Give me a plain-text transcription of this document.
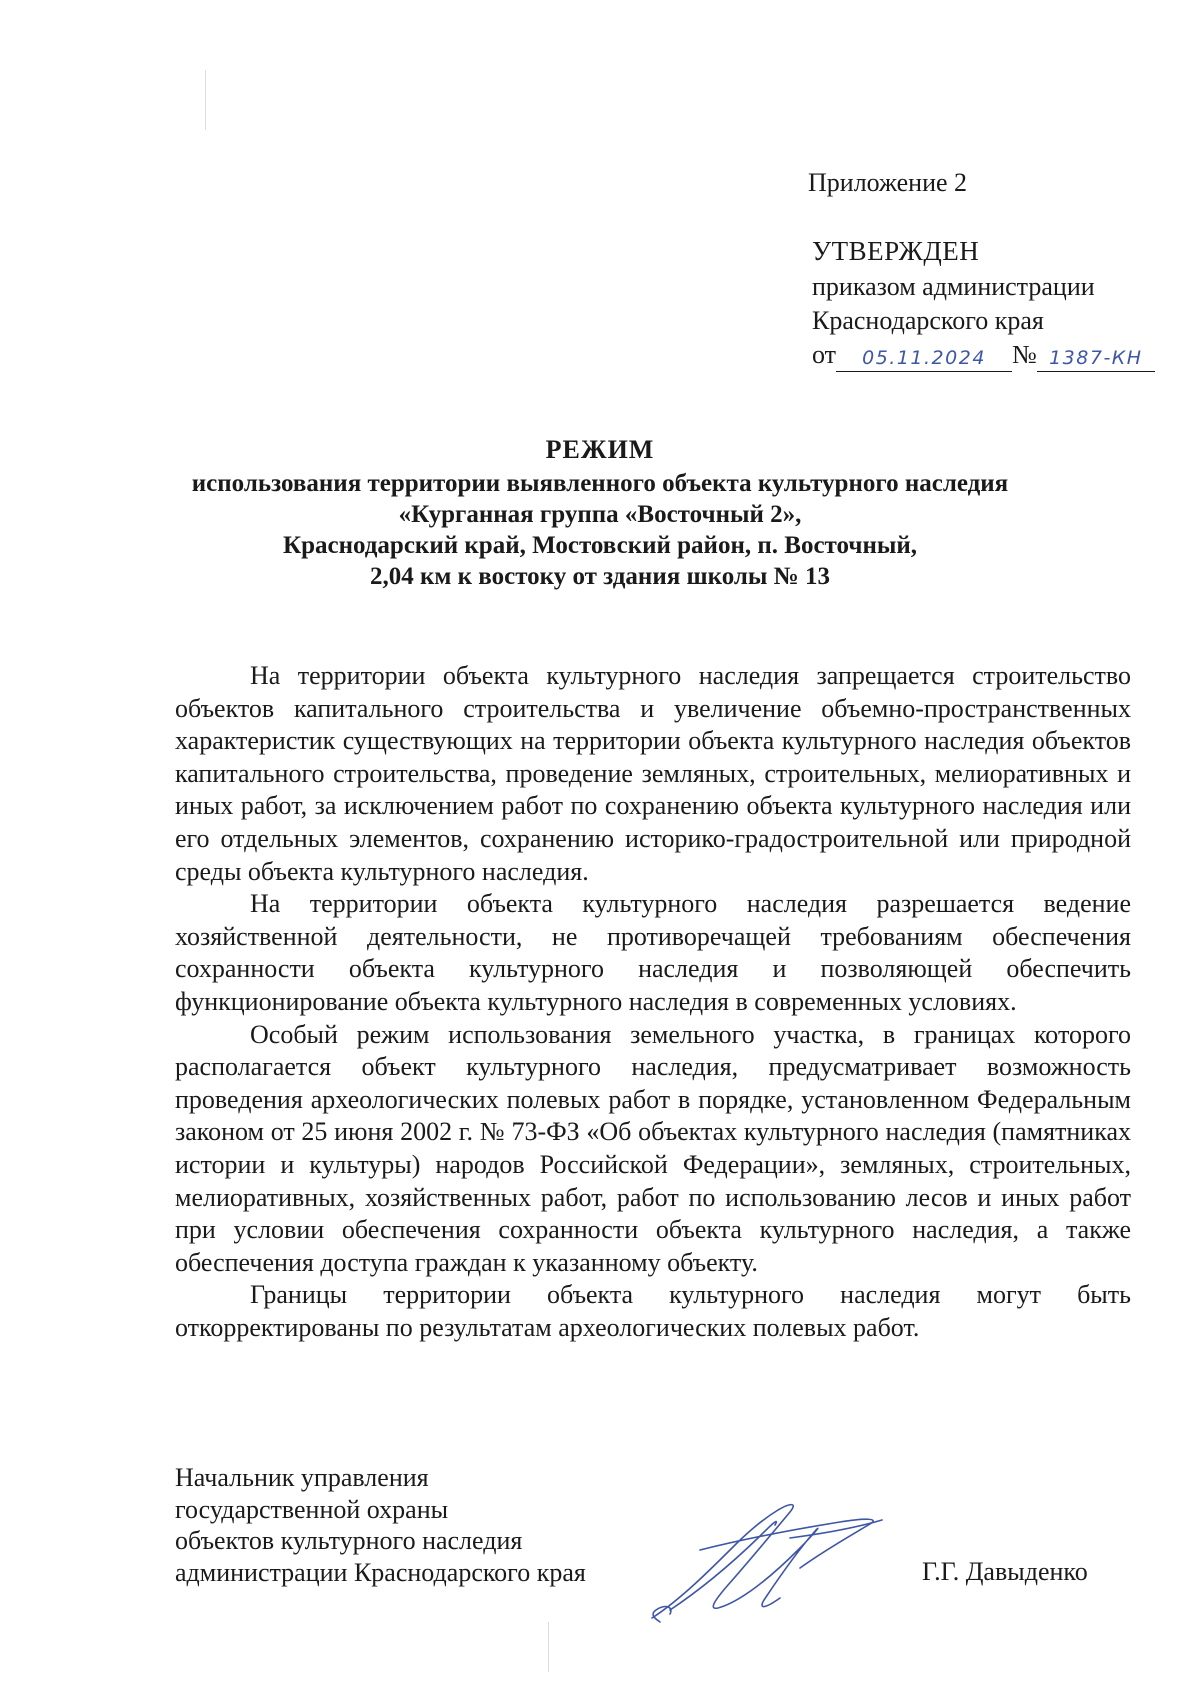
Приложение 2
УТВЕРЖДЕН
приказом администрации
Краснодарского края
от	05.11.2024	№ 1387-КН
РЕЖИМ
использования территории выявленного объекта культурного наследия
«Курганная группа «Восточный 2»,
Краснодарский край, Мостовский район, п. Восточный,
2,04 км к востоку от здания школы № 13

На территории объекта культурного наследия запрещается строительство объектов капитального строительства и увеличение объемно-пространственных характеристик существующих на территории объекта культурного наследия объектов капитального строительства, проведение земляных, строительных, мелиоративных и иных работ, за исключением работ по сохранению объекта культурного наследия или его отдельных элементов, сохранению историко-градостроительной или природной среды объекта культурного наследия.

На территории объекта культурного наследия разрешается ведение хозяйственной деятельности, не противоречащей требованиям обеспечения сохранности объекта культурного наследия и позволяющей обеспечить функционирование объекта культурного наследия в современных условиях.

Особый режим использования земельного участка, в границах которого располагается объект культурного наследия, предусматривает возможность проведения археологических полевых работ в порядке, установленном Федеральным законом от 25 июня 2002 г. № 73-ФЗ «Об объектах культурного наследия (памятниках истории и культуры) народов Российской Федерации», земляных, строительных, мелиоративных, хозяйственных работ, работ по использованию лесов и иных работ при условии обеспечения сохранности объекта культурного наследия, а также обеспечения доступа граждан к указанному объекту.

Границы территории объекта культурного наследия могут быть откорректированы по результатам археологических полевых работ.

Начальник управления
государственной охраны
объектов культурного наследия
администрации Краснодарского края	Г.Г. Давыденко
